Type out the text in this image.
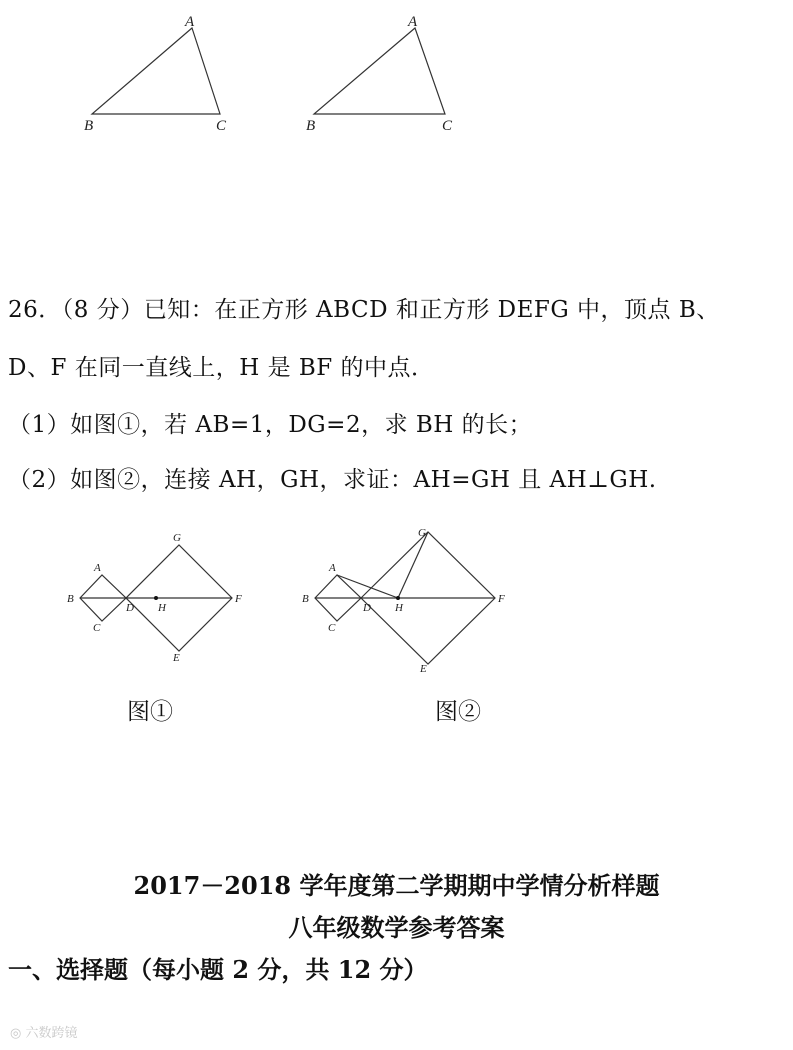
A
B	C
A
B	C
26．（8 分）已知：在正方形 ABCD 和正方形 DEFG 中，顶点 B、
D、F 在同一直线上，H 是 BF 的中点．
（1）如图①，若 AB=1，DG=2，求 BH 的长；
（2）如图②，连接 AH，GH，求证：AH=GH 且 AH⊥GH.
A
B
C
D H
G
F
E
A
B
C
D H
G
F
E
图①	图②
2017－2018 学年度第二学期期中学情分析样题
八年级数学参考答案
一、选择题（每小题 2 分，共 12 分）
◎ 六数跨镜
